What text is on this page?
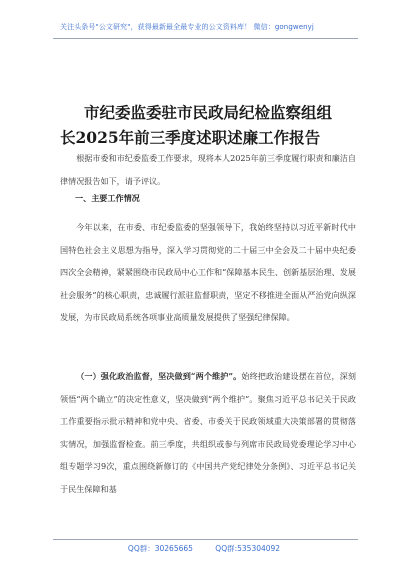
关注头条号"公文研究"，获得最新最全最专业的公文资料库！ 微信：gongwenyj
市纪委监委驻市民政局纪检监察组组
长2025年前三季度述职述廉工作报告
根据市委和市纪委监委工作要求，现将本人2025年前三季度履行职责和廉洁自律情况报告如下，请予评议。
一、主要工作情况
今年以来，在市委、市纪委监委的坚强领导下，我始终坚持以习近平新时代中国特色社会主义思想为指导，深入学习贯彻党的二十届三中全会及二十届中央纪委四次全会精神，紧紧围绕市民政局中心工作和“保障基本民生、创新基层治理、发展社会服务”的核心职责，忠诚履行派驻监督职责，坚定不移推进全面从严治党向纵深发展，为市民政局系统各项事业高质量发展提供了坚强纪律保障。
（一）强化政治监督，坚决做到“两个维护”。始终把政治建设摆在首位，深刻领悟“两个确立”的决定性意义，坚决做到“两个维护”。聚焦习近平总书记关于民政工作重要指示批示精神和党中央、省委、市委关于民政领域重大决策部署的贯彻落实情况，加强监督检查。前三季度，共组织或参与列席市民政局党委理论学习中心组专题学习9次，重点围绕新修订的《中国共产党纪律处分条例》、习近平总书记关于民生保障和基
QQ群：30265665	QQ群:535304092
